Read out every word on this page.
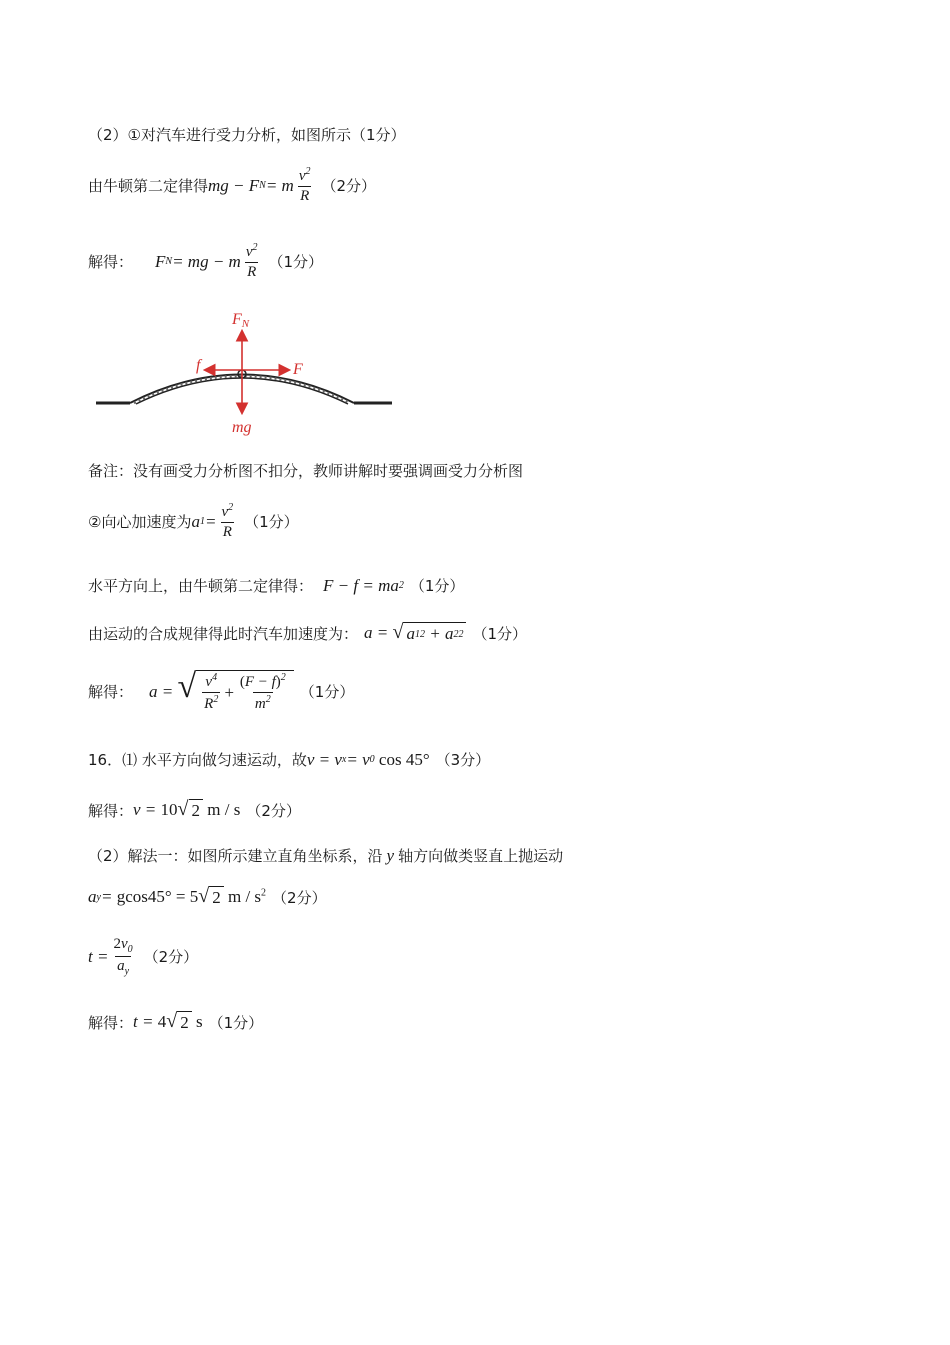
（2）①对汽车进行受力分析，如图所示（1分）
由牛顿第二定律得 mg − F N = m $\frac{v^2}{R} (2$分）
解得： F N = mg − m $\frac{v^2}{R} (1$分）
FN
f	F
mg
备注：没有画受力分析图不扣分，教师讲解时要强调画受力分析图
②向心加速度为 a $1 = \frac{v^2}{R} (1$分）
水平方向上，由牛顿第二定律得： F − f = ma 2 （1分）
由运动的合成规律得此时汽车加速度为： a = √ a 1 2 + a 2 2 （1分）
解得： a = √ $\frac{v^4}{R^2} + \frac{(F - f)^2}{m^2} (1$分）
16．⑴ 水平方向做匀速运动，故 v = v x = v 0 cos 45° （3分）
解得： v = 10 √ 2 m / s （2分）
（2）解法一：如图所示建立直角坐标系，沿 y 轴方向做类竖直上抛运动
a y = gcos45° = 5 √ 2 m / $s^2$ （2分）
$t = \frac{2v_0}{a_y} (2$分）
解得： t = 4 √ 2 s （1分）
